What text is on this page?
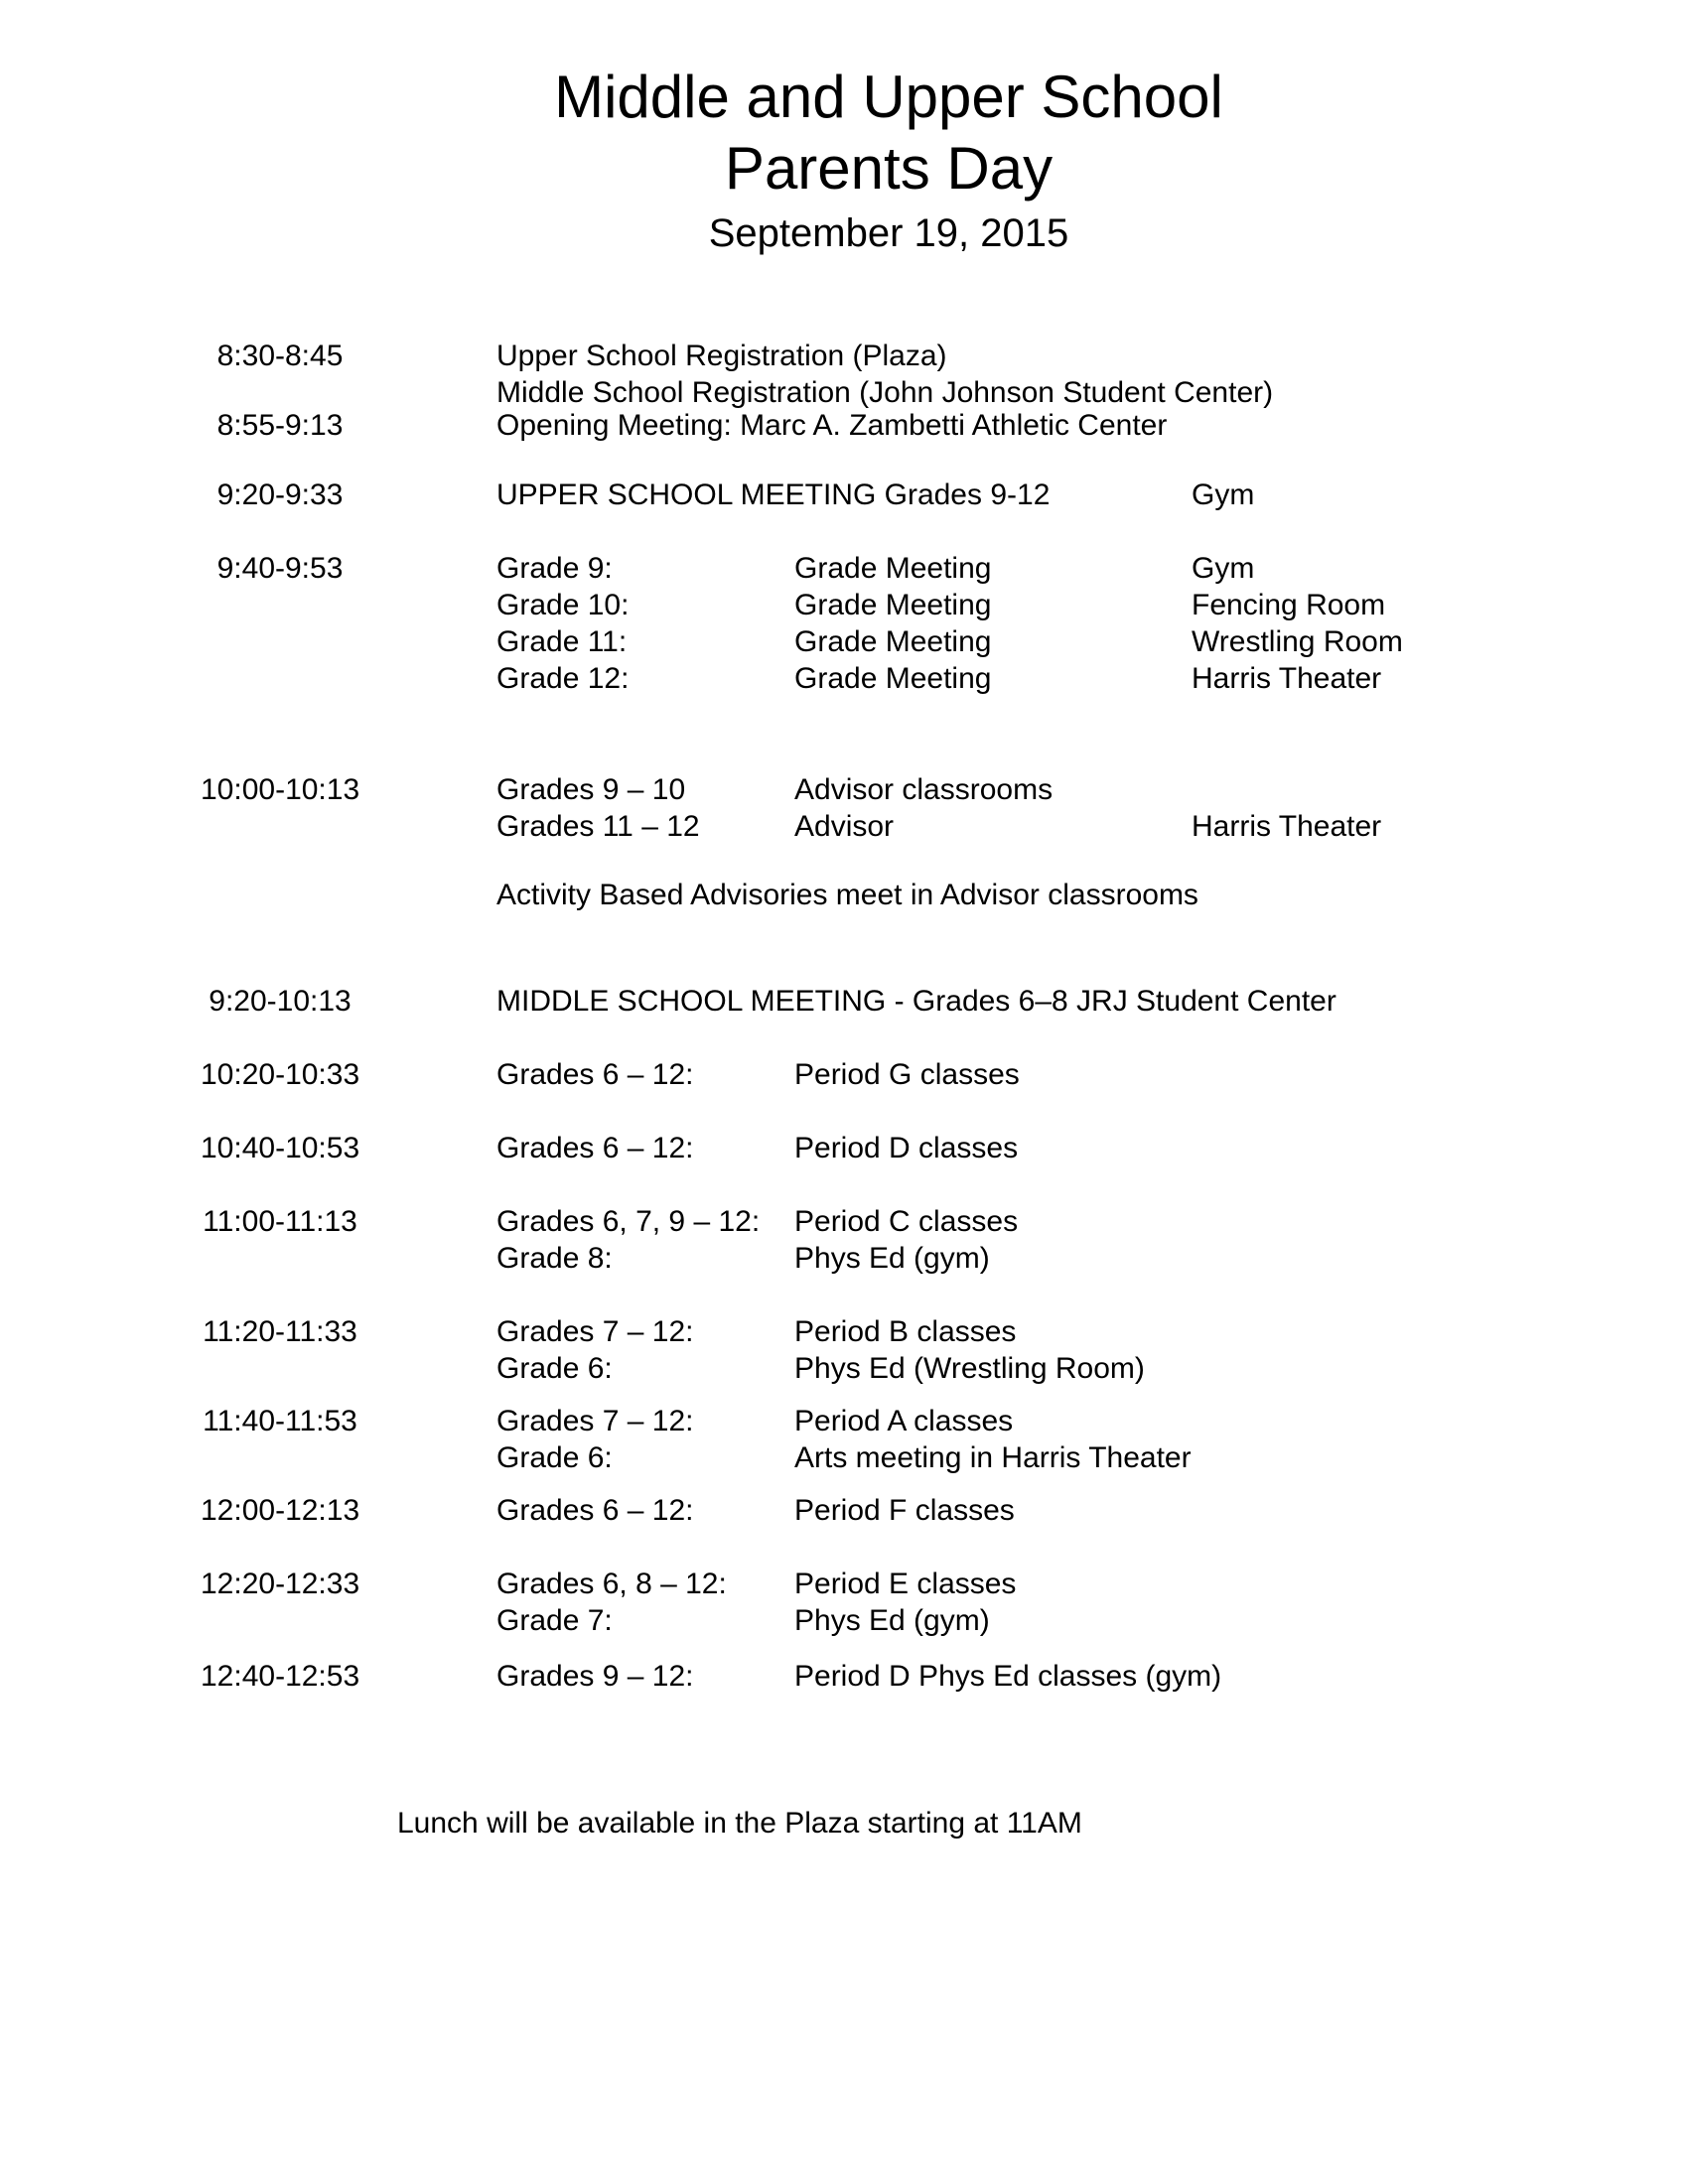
Middle and Upper School
Parents Day
September 19, 2015
8:30-8:45	Upper School Registration (Plaza)
Middle School Registration (John Johnson Student Center)
8:55-9:13	Opening Meeting: Marc A. Zambetti Athletic Center
9:20-9:33	UPPER SCHOOL MEETING Grades 9-12	Gym
9:40-9:53	Grade 9:	Grade Meeting	Gym
Grade 10:	Grade Meeting	Fencing Room
Grade 11:	Grade Meeting	Wrestling Room
Grade 12:	Grade Meeting	Harris Theater
10:00-10:13	Grades 9 – 10	Advisor classrooms
Grades 11 – 12	Advisor	Harris Theater
Activity Based Advisories meet in Advisor classrooms
9:20-10:13	MIDDLE SCHOOL MEETING - Grades 6–8 JRJ Student Center
10:20-10:33	Grades 6 – 12:	Period G classes
10:40-10:53	Grades 6 – 12:	Period D classes
11:00-11:13	Grades 6, 7, 9 – 12: Period C classes
Grade 8:	Phys Ed (gym)
11:20-11:33	Grades 7 – 12:	Period B classes
Grade 6:	Phys Ed (Wrestling Room)
11:40-11:53	Grades 7 – 12:	Period A classes
Grade 6:	Arts meeting in Harris Theater
12:00-12:13	Grades 6 – 12:	Period F classes
12:20-12:33	Grades 6, 8 – 12: Period E classes
Grade 7:	Phys Ed (gym)
12:40-12:53	Grades 9 – 12:	Period D Phys Ed classes (gym)
Lunch will be available in the Plaza starting at 11AM
